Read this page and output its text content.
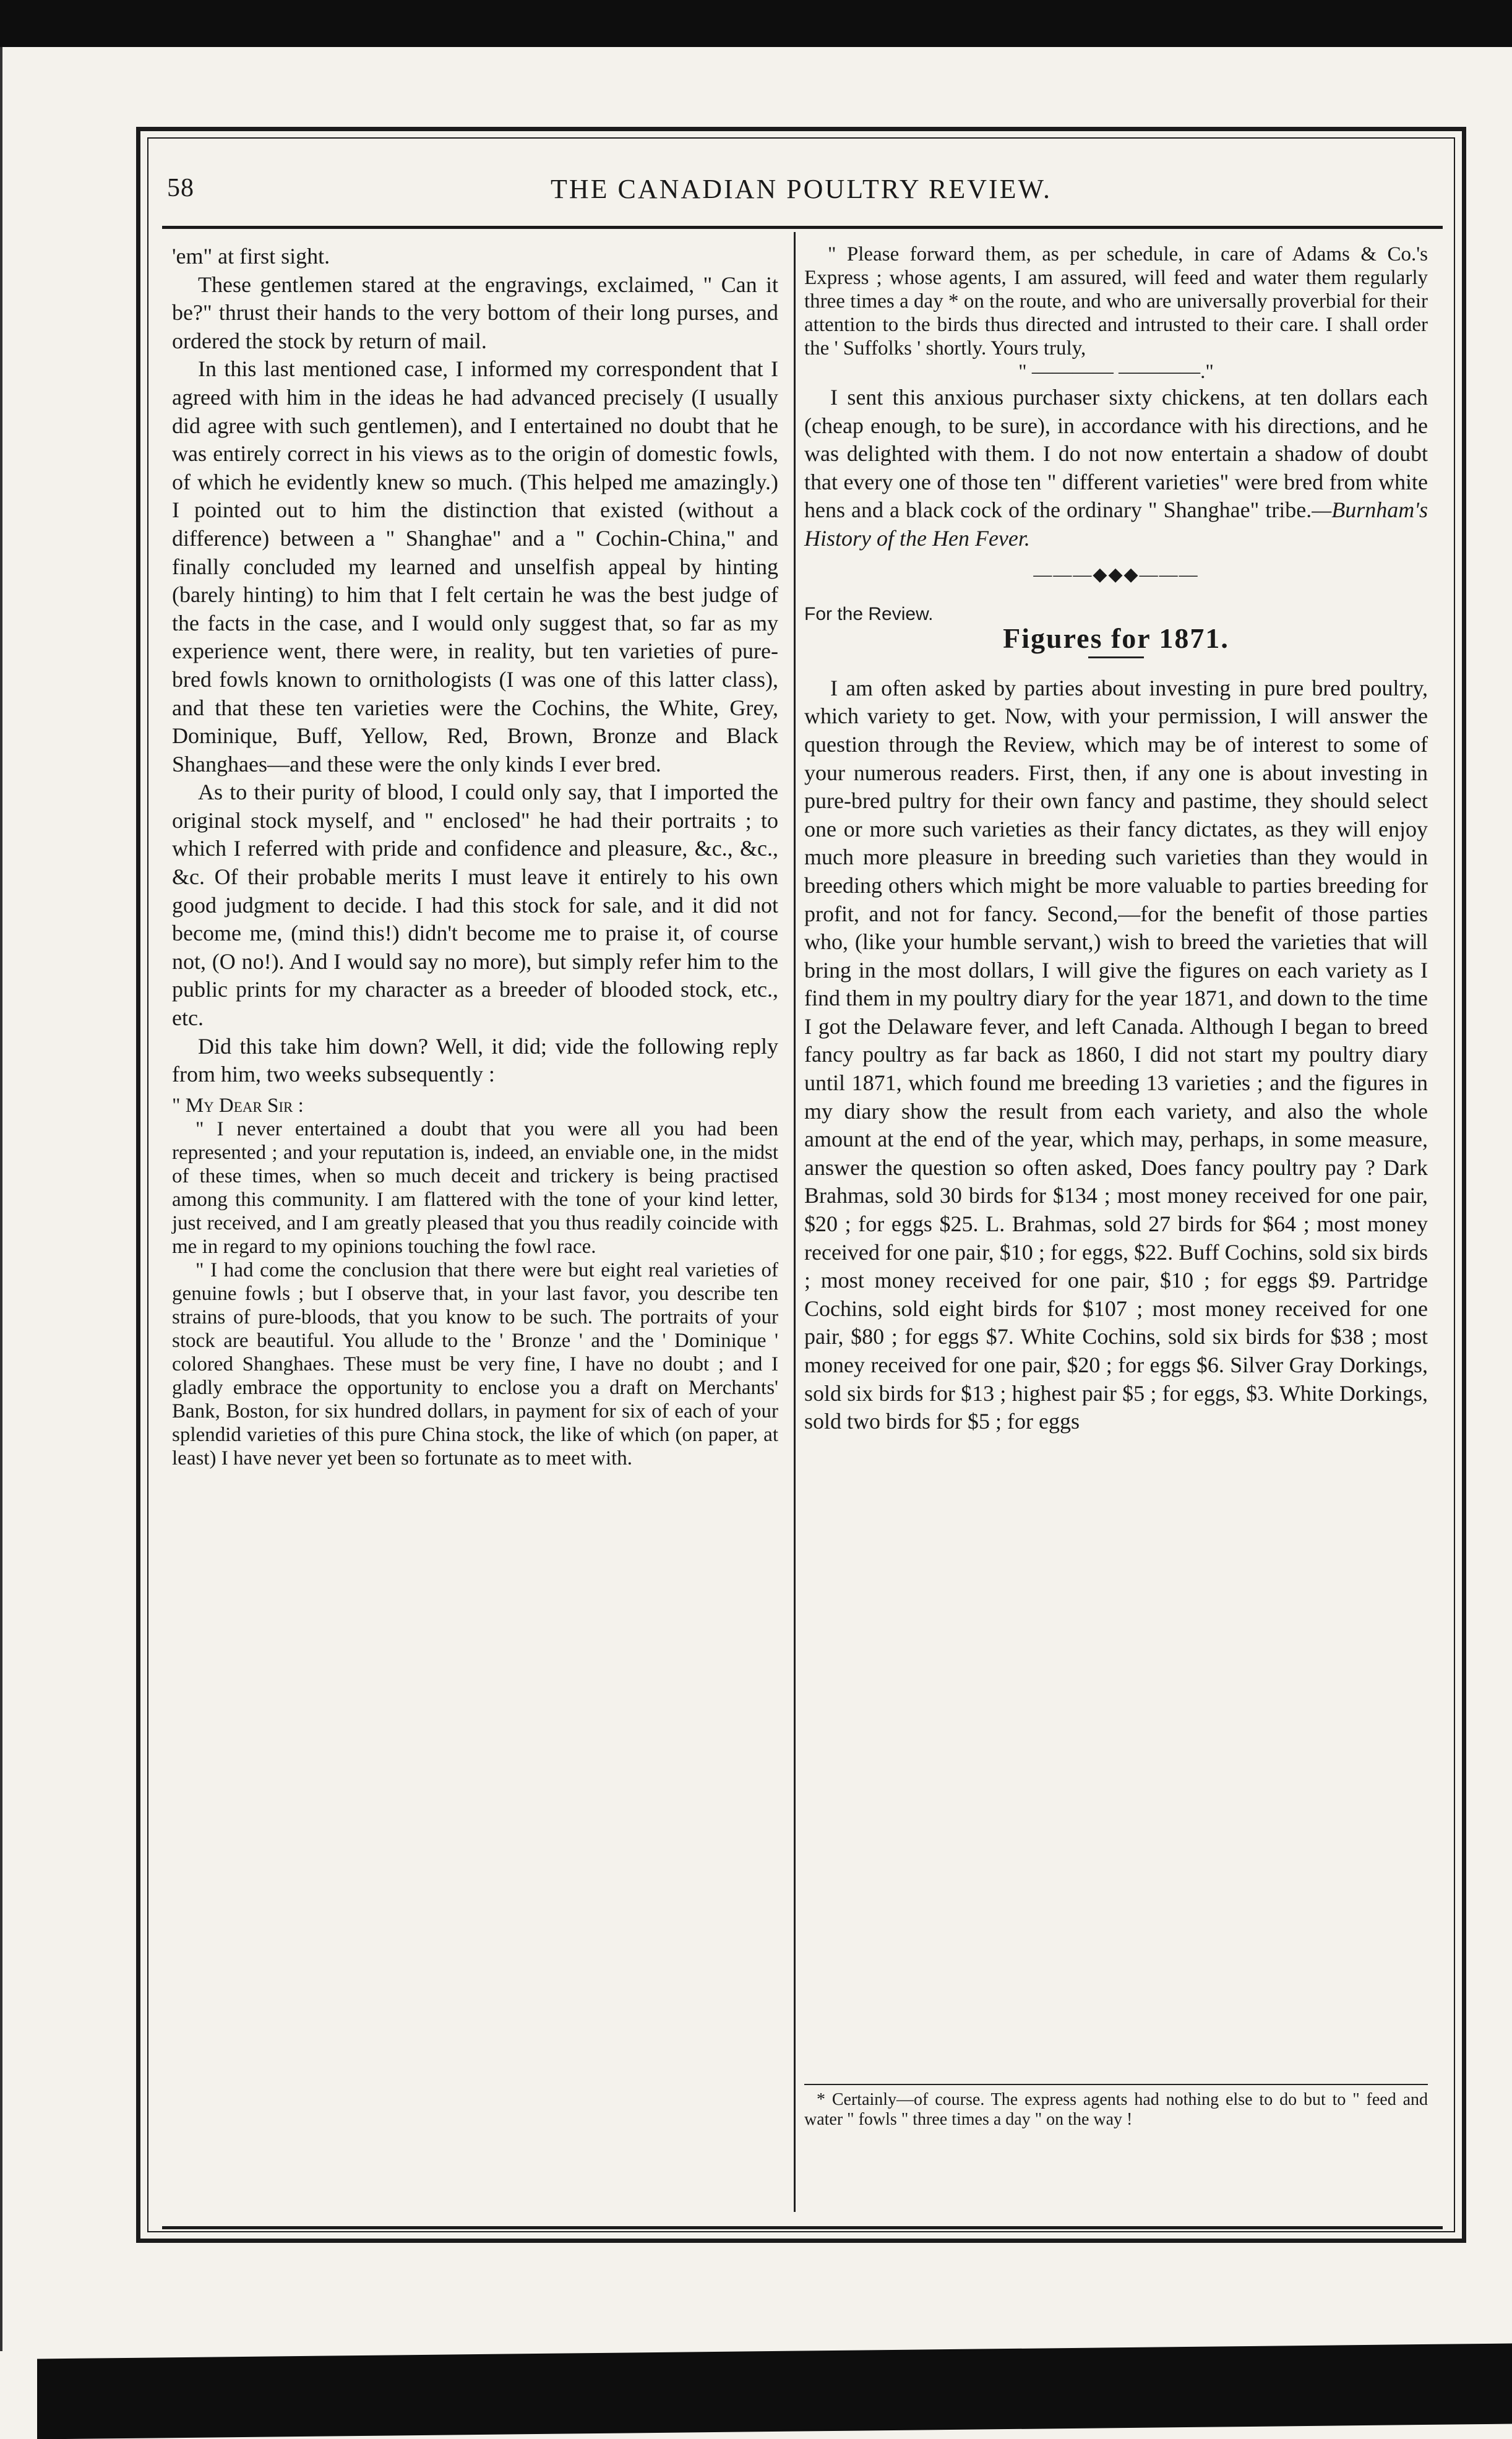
58	THE CANADIAN POULTRY REVIEW.

'em" at first sight.

These gentlemen stared at the engravings, exclaimed, " Can it be?" thrust their hands to the very bottom of their long purses, and ordered the stock by return of mail.

In this last mentioned case, I informed my correspondent that I agreed with him in the ideas he had advanced precisely (I usually did agree with such gentlemen), and I entertained no doubt that he was entirely correct in his views as to the origin of domestic fowls, of which he evidently knew so much. (This helped me amazingly.) I pointed out to him the distinction that existed (without a difference) between a " Shanghae" and a " Cochin-China," and finally concluded my learned and unselfish appeal by hinting (barely hinting) to him that I felt certain he was the best judge of the facts in the case, and I would only suggest that, so far as my experience went, there were, in reality, but ten varieties of pure-bred fowls known to ornithologists (I was one of this latter class), and that these ten varieties were the Cochins, the White, Grey, Dominique, Buff, Yellow, Red, Brown, Bronze and Black Shanghaes—and these were the only kinds I ever bred.

As to their purity of blood, I could only say, that I imported the original stock myself, and " enclosed" he had their portraits ; to which I referred with pride and confidence and pleasure, &c., &c., &c. Of their probable merits I must leave it entirely to his own good judgment to decide. I had this stock for sale, and it did not become me, (mind this!) didn't become me to praise it, of course not, (O no!). And I would say no more), but simply refer him to the public prints for my character as a breeder of blooded stock, etc., etc.

Did this take him down? Well, it did; vide the following reply from him, two weeks subsequently :

" My Dear Sir :

" I never entertained a doubt that you were all you had been represented ; and your reputation is, indeed, an enviable one, in the midst of these times, when so much deceit and trickery is being practised among this community. I am flattered with the tone of your kind letter, just received, and I am greatly pleased that you thus readily coincide with me in regard to my opinions touching the fowl race.

" I had come the conclusion that there were but eight real varieties of genuine fowls ; but I observe that, in your last favor, you describe ten strains of pure-bloods, that you know to be such. The portraits of your stock are beautiful. You allude to the ' Bronze ' and the ' Dominique ' colored Shanghaes. These must be very fine, I have no doubt ; and I gladly embrace the opportunity to enclose you a draft on Merchants' Bank, Boston, for six hundred dollars, in payment for six of each of your splendid varieties of this pure China stock, the like of which (on paper, at least) I have never yet been so fortunate as to meet with.

" Please forward them, as per schedule, in care of Adams & Co.'s Express ; whose agents, I am assured, will feed and water them regularly three times a day * on the route, and who are universally proverbial for their attention to the birds thus directed and intrusted to their care. I shall order the ' Suffolks ' shortly. Yours truly,

" ———— ————."

I sent this anxious purchaser sixty chickens, at ten dollars each (cheap enough, to be sure), in accordance with his directions, and he was delighted with them. I do not now entertain a shadow of doubt that every one of those ten " different varieties" were bred from white hens and a black cock of the ordinary " Shanghae" tribe.—Burnham's History of the Hen Fever.

———◆◆◆———
For the Review.
Figures for 1871.

I am often asked by parties about investing in pure bred poultry, which variety to get. Now, with your permission, I will answer the question through the Review, which may be of interest to some of your numerous readers. First, then, if any one is about investing in pure-bred pultry for their own fancy and pastime, they should select one or more such varieties as their fancy dictates, as they will enjoy much more pleasure in breeding such varieties than they would in breeding others which might be more valuable to parties breeding for profit, and not for fancy. Second,—for the benefit of those parties who, (like your humble servant,) wish to breed the varieties that will bring in the most dollars, I will give the figures on each variety as I find them in my poultry diary for the year 1871, and down to the time I got the Delaware fever, and left Canada. Although I began to breed fancy poultry as far back as 1860, I did not start my poultry diary until 1871, which found me breeding 13 varieties ; and the figures in my diary show the result from each variety, and also the whole amount at the end of the year, which may, perhaps, in some measure, answer the question so often asked, Does fancy poultry pay ? Dark Brahmas, sold 30 birds for $134 ; most money received for one pair, $20 ; for eggs $25. L. Brahmas, sold 27 birds for $64 ; most money received for one pair, $10 ; for eggs, $22. Buff Cochins, sold six birds ; most money received for one pair, $10 ; for eggs $9. Partridge Cochins, sold eight birds for $107 ; most money received for one pair, $80 ; for eggs $7. White Cochins, sold six birds for $38 ; most money received for one pair, $20 ; for eggs $6. Silver Gray Dorkings, sold six birds for $13 ; highest pair $5 ; for eggs, $3. White Dorkings, sold two birds for $5 ; for eggs

* Certainly—of course. The express agents had nothing else to do but to " feed and water " fowls " three times a day " on the way !
